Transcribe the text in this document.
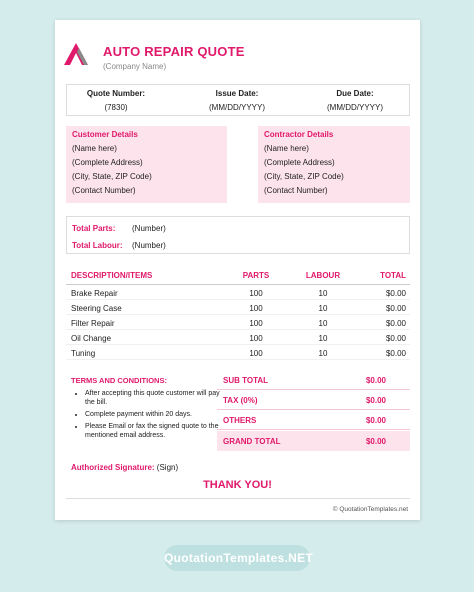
AUTO REPAIR QUOTE
(Company Name)
Quote Number:
(7830)
Issue Date:
(MM/DD/YYYY)
Due Date:
(MM/DD/YYYY)
Customer Details
(Name here)
(Complete Address)
(City, State, ZIP Code)
(Contact Number)
Contractor Details
(Name here)
(Complete Address)
(City, State, ZIP Code)
(Contact Number)
Total Parts: (Number)
Total Labour: (Number)
DESCRIPTION/ITEMS	PARTS	LABOUR	TOTAL
Brake Repair	100	10	$0.00
Steering Case	100	10	$0.00
Filter Repair	100	10	$0.00
Oil Change	100	10	$0.00
Tuning	100	10	$0.00
TERMS AND CONDITIONS:
• After accepting this quote customer will pay the bill.
• Complete payment within 20 days.
• Please Email or fax the signed quote to the mentioned email address.
SUB TOTAL	$0.00
TAX (0%)	$0.00
OTHERS	$0.00
GRAND TOTAL	$0.00
Authorized Signature: (Sign)
THANK YOU!
© QuotationTemplates.net
QuotationTemplates.NET
